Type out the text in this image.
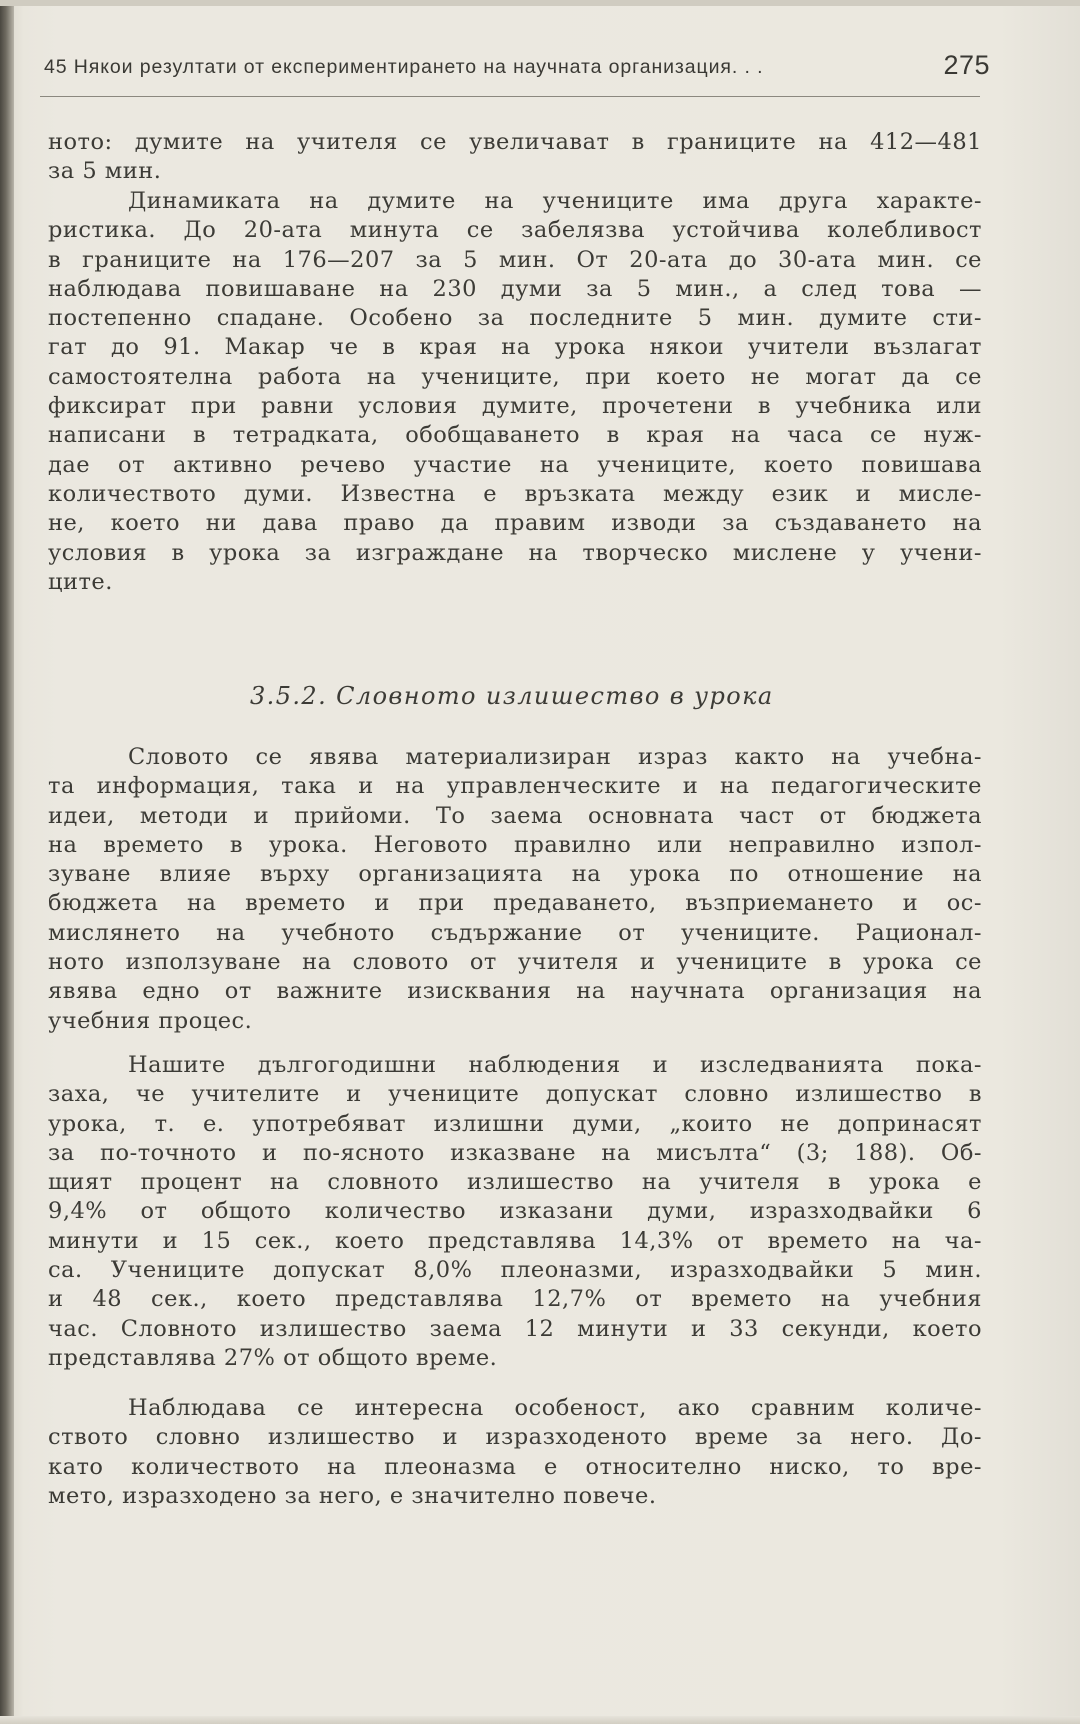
45 Някои резултати от експериментирането на научната организация. . .	275
ното: думите на учителя се увеличават в границите на 412—481
за 5 мин.
Динамиката на думите на учениците има друга характе-
ристика. До 20-ата минута се забелязва устойчива колебливост
в границите на 176—207 за 5 мин. От 20-ата до 30-ата мин. се
наблюдава повишаване на 230 думи за 5 мин., а след това —
постепенно спадане. Особено за последните 5 мин. думите сти-
гат до 91. Макар че в края на урока някои учители възлагат
самостоятелна работа на учениците, при което не могат да се
фиксират при равни условия думите, прочетени в учебника или
написани в тетрадката, обобщаването в края на часа се нуж-
дае от активно речево участие на учениците, което повишава
количеството думи. Известна е връзката между език и мисле-
не, което ни дава право да правим изводи за създаването на
условия в урока за изграждане на творческо мислене у учени-
ците.
3.5.2. Словното излишество в урока
Словото се явява материализиран израз както на учебна-
та информация, така и на управленческите и на педагогическите
идеи, методи и прийоми. То заема основната част от бюджета
на времето в урока. Неговото правилно или неправилно изпол-
зуване влияе върху организацията на урока по отношение на
бюджета на времето и при предаването, възприемането и ос-
мислянето на учебното съдържание от учениците. Рационал-
ното използуване на словото от учителя и учениците в урока се
явява едно от важните изисквания на научната организация на
учебния процес.
Нашите дългогодишни наблюдения и изследванията пока-
заха, че учителите и учениците допускат словно излишество в
урока, т. е. употребяват излишни думи, „които не допринасят
за по-точното и по-ясното изказване на мисълта“ (3; 188). Об-
щият процент на словното излишество на учителя в урока е
9,4% от общото количество изказани думи, изразходвайки 6
минути и 15 сек., което представлява 14,3% от времето на ча-
са. Учениците допускат 8,0% плеоназми, изразходвайки 5 мин.
и 48 сек., което представлява 12,7% от времето на учебния
час. Словното излишество заема 12 минути и 33 секунди, което
представлява 27% от общото време.
Наблюдава се интересна особеност, ако сравним количе-
ството словно излишество и изразходеното време за него. До-
като количеството на плеоназма е относително ниско, то вре-
мето, изразходено за него, е значително повече.
